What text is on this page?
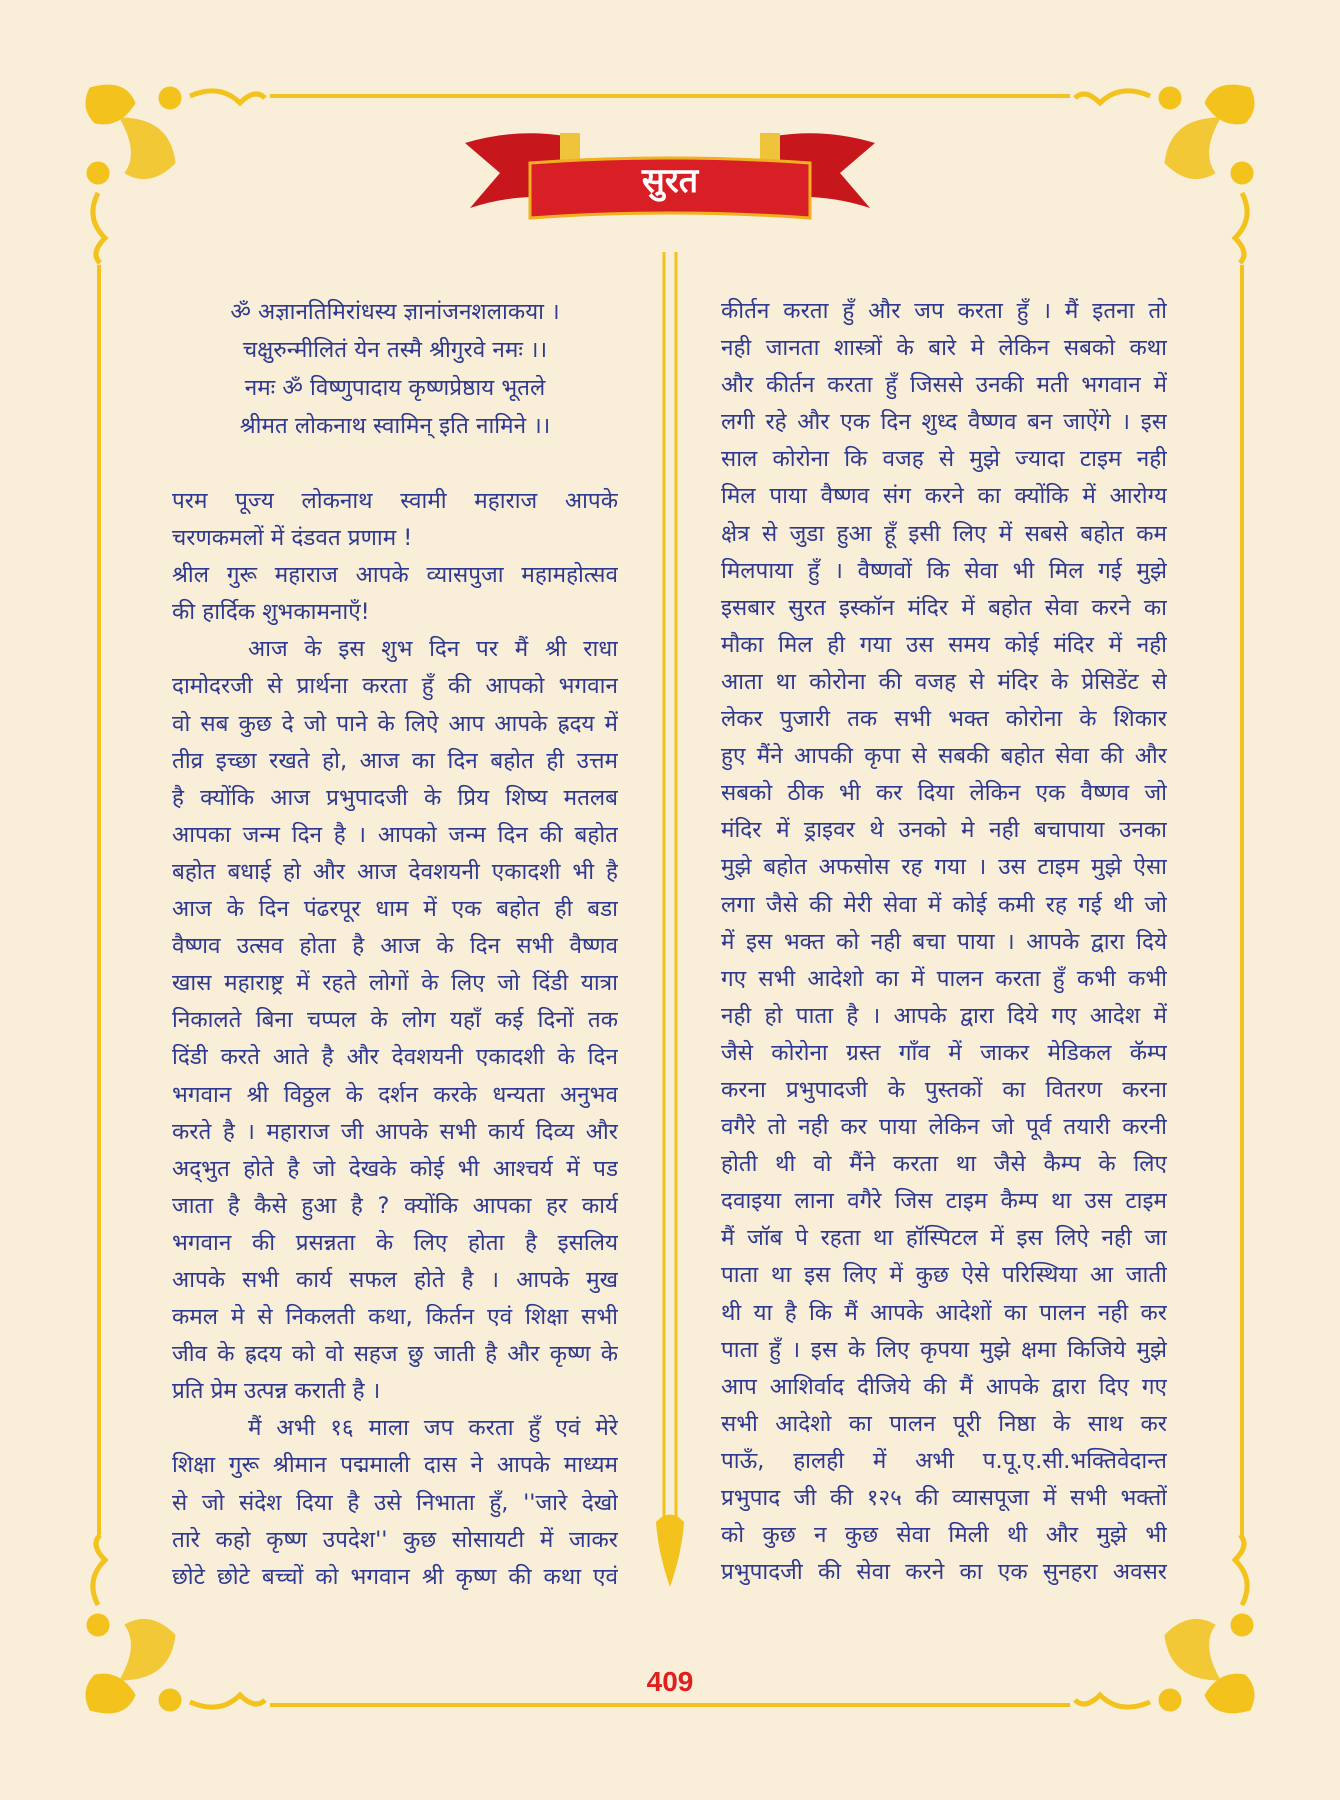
सुरत
ॐ अज्ञानतिमिरांधस्य ज्ञानांजनशलाकया ।
चक्षुरुन्मीलितं येन तस्मै श्रीगुरवे नमः ।।
नमः ॐ विष्णुपादाय कृष्णप्रेष्ठाय भूतले
श्रीमत लोकनाथ स्वामिन् इति नामिने ।।
परम पूज्य लोकनाथ स्वामी महाराज आपके
चरणकमलों में दंडवत प्रणाम !
श्रील गुरू महाराज आपके व्यासपुजा महामहोत्सव
की हार्दिक शुभकामनाएँ!
आज के इस शुभ दिन पर मैं श्री राधा
दामोदरजी से प्रार्थना करता हुँ की आपको भगवान
वो सब कुछ दे जो पाने के लिऐ आप आपके ह्रदय में
तीव्र इच्छा रखते हो, आज का दिन बहोत ही उत्तम
है क्योंकि आज प्रभुपादजी के प्रिय शिष्य मतलब
आपका जन्म दिन है । आपको जन्म दिन की बहोत
बहोत बधाई हो और आज देवशयनी एकादशी भी है
आज के दिन पंढरपूर धाम में एक बहोत ही बडा
वैष्णव उत्सव होता है आज के दिन सभी वैष्णव
खास महाराष्ट्र में रहते लोगों के लिए जो दिंडी यात्रा
निकालते बिना चप्पल के लोग यहाँ कई दिनों तक
दिंडी करते आते है और देवशयनी एकादशी के दिन
भगवान श्री विठ्ठल के दर्शन करके धन्यता अनुभव
करते है । महाराज जी आपके सभी कार्य दिव्य और
अद्‌भुत होते है जो देखके कोई भी आश्चर्य में पड
जाता है कैसे हुआ है ? क्योंकि आपका हर कार्य
भगवान की प्रसन्नता के लिए होता है इसलिय
आपके सभी कार्य सफल होते है । आपके मुख
कमल मे से निकलती कथा, किर्तन एवं शिक्षा सभी
जीव के ह्रदय को वो सहज छु जाती है और कृष्ण के
प्रति प्रेम उत्पन्न कराती है ।
मैं अभी १६ माला जप करता हुँ एवं मेरे
शिक्षा गुरू श्रीमान पद्ममाली दास ने आपके माध्यम
से जो संदेश दिया है उसे निभाता हुँ, ''जारे देखो
तारे कहो कृष्ण उपदेश'' कुछ सोसायटी में जाकर
छोटे छोटे बच्चों को भगवान श्री कृष्ण की कथा एवं
कीर्तन करता हुँ और जप करता हुँ । मैं इतना तो
नही जानता शास्त्रों के बारे मे लेकिन सबको कथा
और कीर्तन करता हुँ जिससे उनकी मती भगवान में
लगी रहे और एक दिन शुध्द वैष्णव बन जाऐंगे । इस
साल कोरोना कि वजह से मुझे ज्यादा टाइम नही
मिल पाया वैष्णव संग करने का क्योंकि में आरोग्य
क्षेत्र से जुडा हुआ हूँ इसी लिए में सबसे बहोत कम
मिलपाया हुँ । वैष्णवों कि सेवा भी मिल गई मुझे
इसबार सुरत इस्कॉन मंदिर में बहोत सेवा करने का
मौका मिल ही गया उस समय कोई मंदिर में नही
आता था कोरोना की वजह से मंदिर के प्रेसिडेंट से
लेकर पुजारी तक सभी भक्त कोरोना के शिकार
हुए मैंने आपकी कृपा से सबकी बहोत सेवा की और
सबको ठीक भी कर दिया लेकिन एक वैष्णव जो
मंदिर में ड्राइवर थे उनको मे नही बचापाया उनका
मुझे बहोत अफसोस रह गया । उस टाइम मुझे ऐसा
लगा जैसे की मेरी सेवा में कोई कमी रह गई थी जो
में इस भक्त को नही बचा पाया । आपके द्वारा दिये
गए सभी आदेशो का में पालन करता हुँ कभी कभी
नही हो पाता है । आपके द्वारा दिये गए आदेश में
जैसे कोरोना ग्रस्त गाँव में जाकर मेडिकल कॅम्प
करना प्रभुपादजी के पुस्तकों का वितरण करना
वगैरे तो नही कर पाया लेकिन जो पूर्व तयारी करनी
होती थी वो मैंने करता था जैसे कैम्प के लिए
दवाइया लाना वगैरे जिस टाइम कैम्प था उस टाइम
मैं जॉब पे रहता था हॉस्पिटल में इस लिऐ नही जा
पाता था इस लिए में कुछ ऐसे परिस्थिया आ जाती
थी या है कि मैं आपके आदेशों का पालन नही कर
पाता हुँ । इस के लिए कृपया मुझे क्षमा किजिये मुझे
आप आशिर्वाद दीजिये की मैं आपके द्वारा दिए गए
सभी आदेशो का पालन पूरी निष्ठा के साथ कर
पाऊँ, हालही में अभी प.पू.ए.सी.भक्तिवेदान्त
प्रभुपाद जी की १२५ की व्यासपूजा में सभी भक्तों
को कुछ न कुछ सेवा मिली थी और मुझे भी
प्रभुपादजी की सेवा करने का एक सुनहरा अवसर
409
